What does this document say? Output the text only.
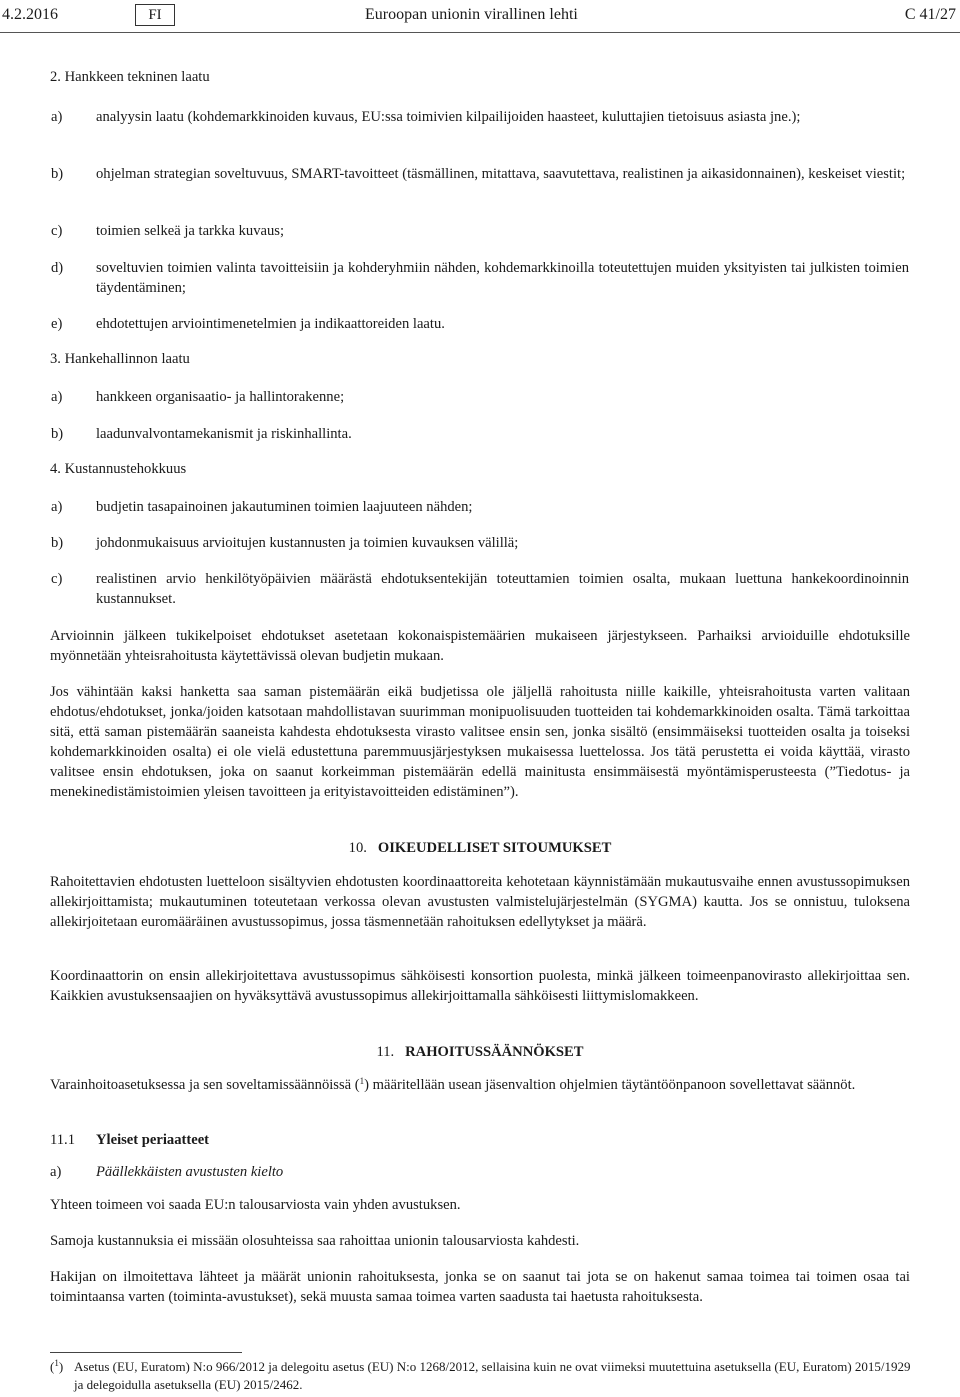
4.2.2016	FI	Euroopan unionin virallinen lehti	C 41/27
2. Hankkeen tekninen laatu
a) analyysin laatu (kohdemarkkinoiden kuvaus, EU:ssa toimivien kilpailijoiden haasteet, kuluttajien tietoisuus asiasta jne.);
b) ohjelman strategian soveltuvuus, SMART-tavoitteet (täsmällinen, mitattava, saavutettava, realistinen ja aikasidonnainen), keskeiset viestit;
c) toimien selkeä ja tarkka kuvaus;
d) soveltuvien toimien valinta tavoitteisiin ja kohderyhmiin nähden, kohdemarkkinoilla toteutettujen muiden yksityisten tai julkisten toimien täydentäminen;
e) ehdotettujen arviointimenetelmien ja indikaattoreiden laatu.
3. Hankehallinnon laatu
a) hankkeen organisaatio- ja hallintorakenne;
b) laadunvalvontamekanismit ja riskinhallinta.
4. Kustannustehokkuus
a) budjetin tasapainoinen jakautuminen toimien laajuuteen nähden;
b) johdonmukaisuus arvioitujen kustannusten ja toimien kuvauksen välillä;
c) realistinen arvio henkilötyöpäivien määrästä ehdotuksentekijän toteuttamien toimien osalta, mukaan luettuna hankekoordinoinnin kustannukset.
Arvioinnin jälkeen tukikelpoiset ehdotukset asetetaan kokonaispistemäärien mukaiseen järjestykseen. Parhaiksi arvioiduille ehdotuksille myönnetään yhteisrahoitusta käytettävissä olevan budjetin mukaan.
Jos vähintään kaksi hanketta saa saman pistemäärän eikä budjetissa ole jäljellä rahoitusta niille kaikille, yhteisrahoitusta varten valitaan ehdotus/ehdotukset, jonka/joiden katsotaan mahdollistavan suurimman monipuolisuuden tuotteiden tai kohdemarkkinoiden osalta. Tämä tarkoittaa sitä, että saman pistemäärän saaneista kahdesta ehdotuksesta virasto valitsee ensin sen, jonka sisältö (ensimmäiseksi tuotteiden osalta ja toiseksi kohdemarkkinoiden osalta) ei ole vielä edustettuna paremmuusjärjestyksen mukaisessa luettelossa. Jos tätä perustetta ei voida käyttää, virasto valitsee ensin ehdotuksen, joka on saanut korkeimman pistemäärän edellä mainitusta ensimmäisestä myöntämisperusteesta (”Tiedotus- ja menekinedistämistoimien yleisen tavoitteen ja erityistavoitteiden edistäminen”).
10. OIKEUDELLISET SITOUMUKSET
Rahoitettavien ehdotusten luetteloon sisältyvien ehdotusten koordinaattoreita kehotetaan käynnistämään mukautusvaihe ennen avustussopimuksen allekirjoittamista; mukautuminen toteutetaan verkossa olevan avustusten valmistelujärjestelmän (SYGMA) kautta. Jos se onnistuu, tuloksena allekirjoitetaan euromääräinen avustussopimus, jossa täsmennetään rahoituksen edellytykset ja määrä.
Koordinaattorin on ensin allekirjoitettava avustussopimus sähköisesti konsortion puolesta, minkä jälkeen toimeenpanovirasto allekirjoittaa sen. Kaikkien avustuksensaajien on hyväksyttävä avustussopimus allekirjoittamalla sähköisesti liittymislomakkeen.
11. RAHOITUSSÄÄNNÖKSET
Varainhoitoasetuksessa ja sen soveltamissäännöissä ($^1$) määritellään usean jäsenvaltion ohjelmien täytäntöönpanoon sovellettavat säännöt.
11.1 Yleiset periaatteet
a) Päällekkäisten avustusten kielto
Yhteen toimeen voi saada EU:n talousarviosta vain yhden avustuksen.
Samoja kustannuksia ei missään olosuhteissa saa rahoittaa unionin talousarviosta kahdesti.
Hakijan on ilmoitettava lähteet ja määrät unionin rahoituksesta, jonka se on saanut tai jota se on hakenut samaa toimea tai toimen osaa tai toimintaansa varten (toiminta-avustukset), sekä muusta samaa toimea varten saadusta tai haetusta rahoituksesta.
($^1$) Asetus (EU, Euratom) N:o 966/2012 ja delegoitu asetus (EU) N:o 1268/2012, sellaisina kuin ne ovat viimeksi muutettuina asetuksella (EU, Euratom) 2015/1929 ja delegoidulla asetuksella (EU) 2015/2462.
